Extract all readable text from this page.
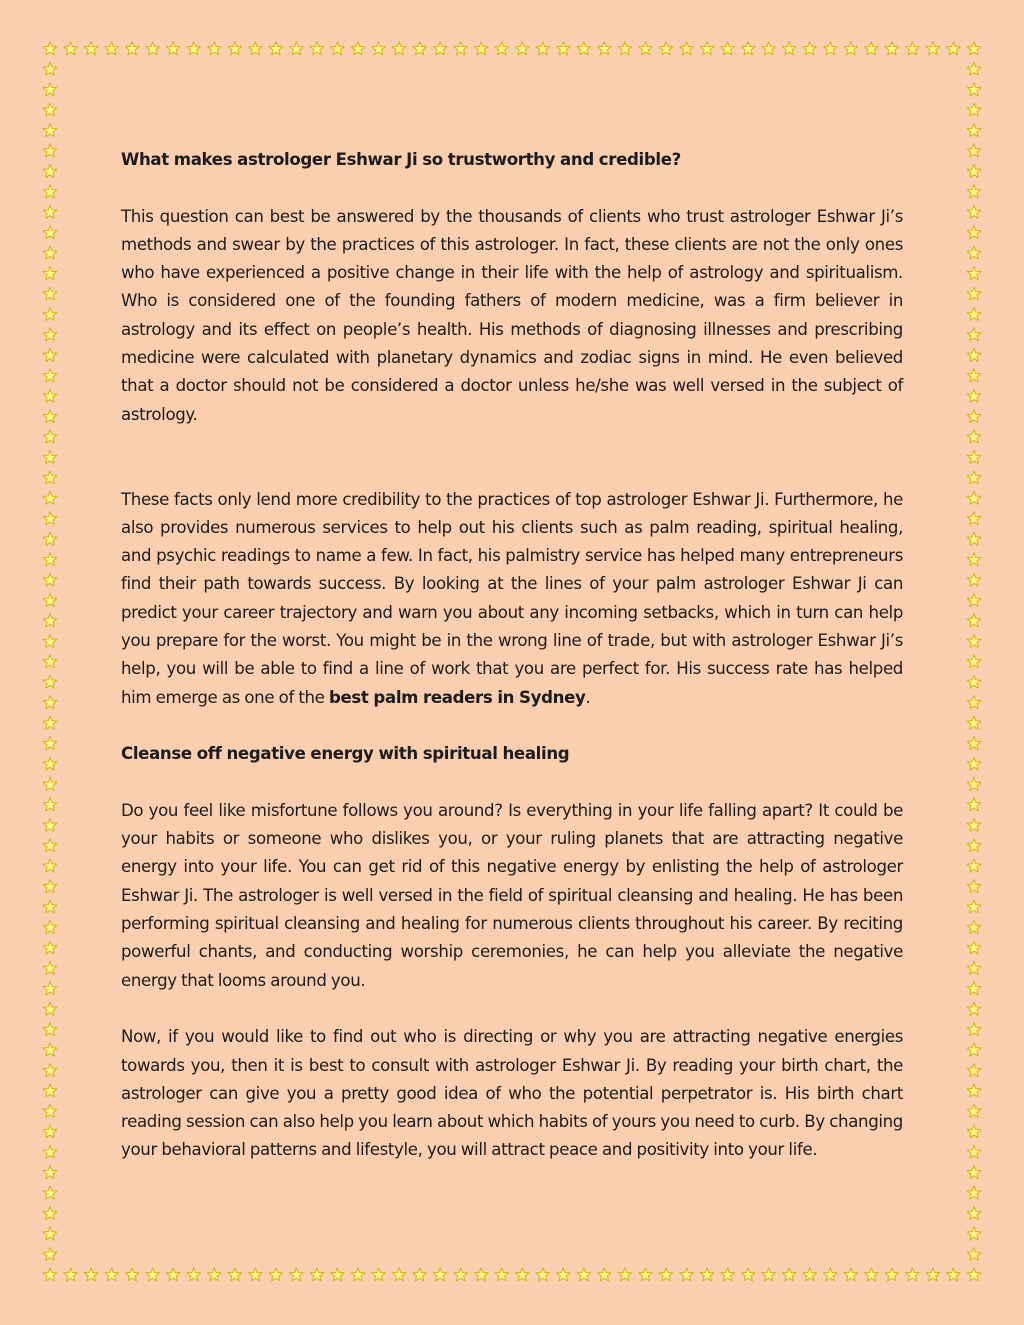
What makes astrologer Eshwar Ji so trustworthy and credible?

This question can best be answered by the thousands of clients who trust astrologer Eshwar Ji’s methods and swear by the practices of this astrologer. In fact, these clients are not the only ones who have experienced a positive change in their life with the help of astrology and spiritualism. Who is considered one of the founding fathers of modern medicine, was a firm believer in astrology and its effect on people’s health. His methods of diagnosing illnesses and prescribing medicine were calculated with planetary dynamics and zodiac signs in mind. He even believed that a doctor should not be considered a doctor unless he/she was well versed in the subject of astrology.

These facts only lend more credibility to the practices of top astrologer Eshwar Ji. Furthermore, he also provides numerous services to help out his clients such as palm reading, spiritual healing, and psychic readings to name a few. In fact, his palmistry service has helped many entrepreneurs find their path towards success. By looking at the lines of your palm astrologer Eshwar Ji can predict your career trajectory and warn you about any incoming setbacks, which in turn can help you prepare for the worst. You might be in the wrong line of trade, but with astrologer Eshwar Ji’s help, you will be able to find a line of work that you are perfect for. His success rate has helped him emerge as one of the best palm readers in Sydney.

Cleanse off negative energy with spiritual healing

Do you feel like misfortune follows you around? Is everything in your life falling apart? It could be your habits or someone who dislikes you, or your ruling planets that are attracting negative energy into your life. You can get rid of this negative energy by enlisting the help of astrologer Eshwar Ji. The astrologer is well versed in the field of spiritual cleansing and healing. He has been performing spiritual cleansing and healing for numerous clients throughout his career. By reciting powerful chants, and conducting worship ceremonies, he can help you alleviate the negative energy that looms around you.

Now, if you would like to find out who is directing or why you are attracting negative energies towards you, then it is best to consult with astrologer Eshwar Ji. By reading your birth chart, the astrologer can give you a pretty good idea of who the potential perpetrator is. His birth chart reading session can also help you learn about which habits of yours you need to curb. By changing your behavioral patterns and lifestyle, you will attract peace and positivity into your life.
